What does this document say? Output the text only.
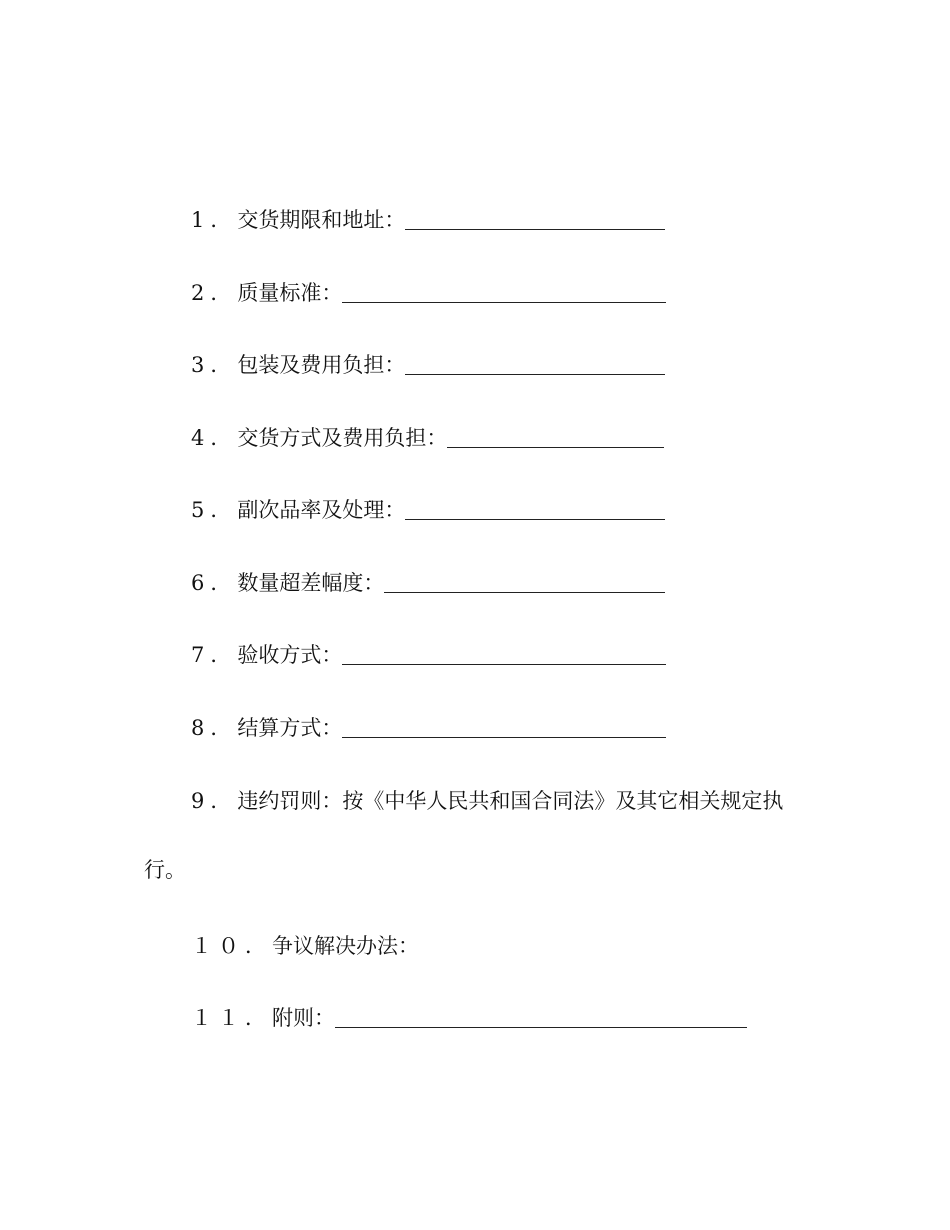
1． 交货期限和地址：
2． 质量标准：
3． 包装及费用负担：
4． 交货方式及费用负担：
5． 副次品率及处理：
6． 数量超差幅度：
7． 验收方式：
8． 结算方式：
9． 违约罚则：按《中华人民共和国合同法》及其它相关规定执
行。
１０． 争议解决办法：
１１． 附则：
